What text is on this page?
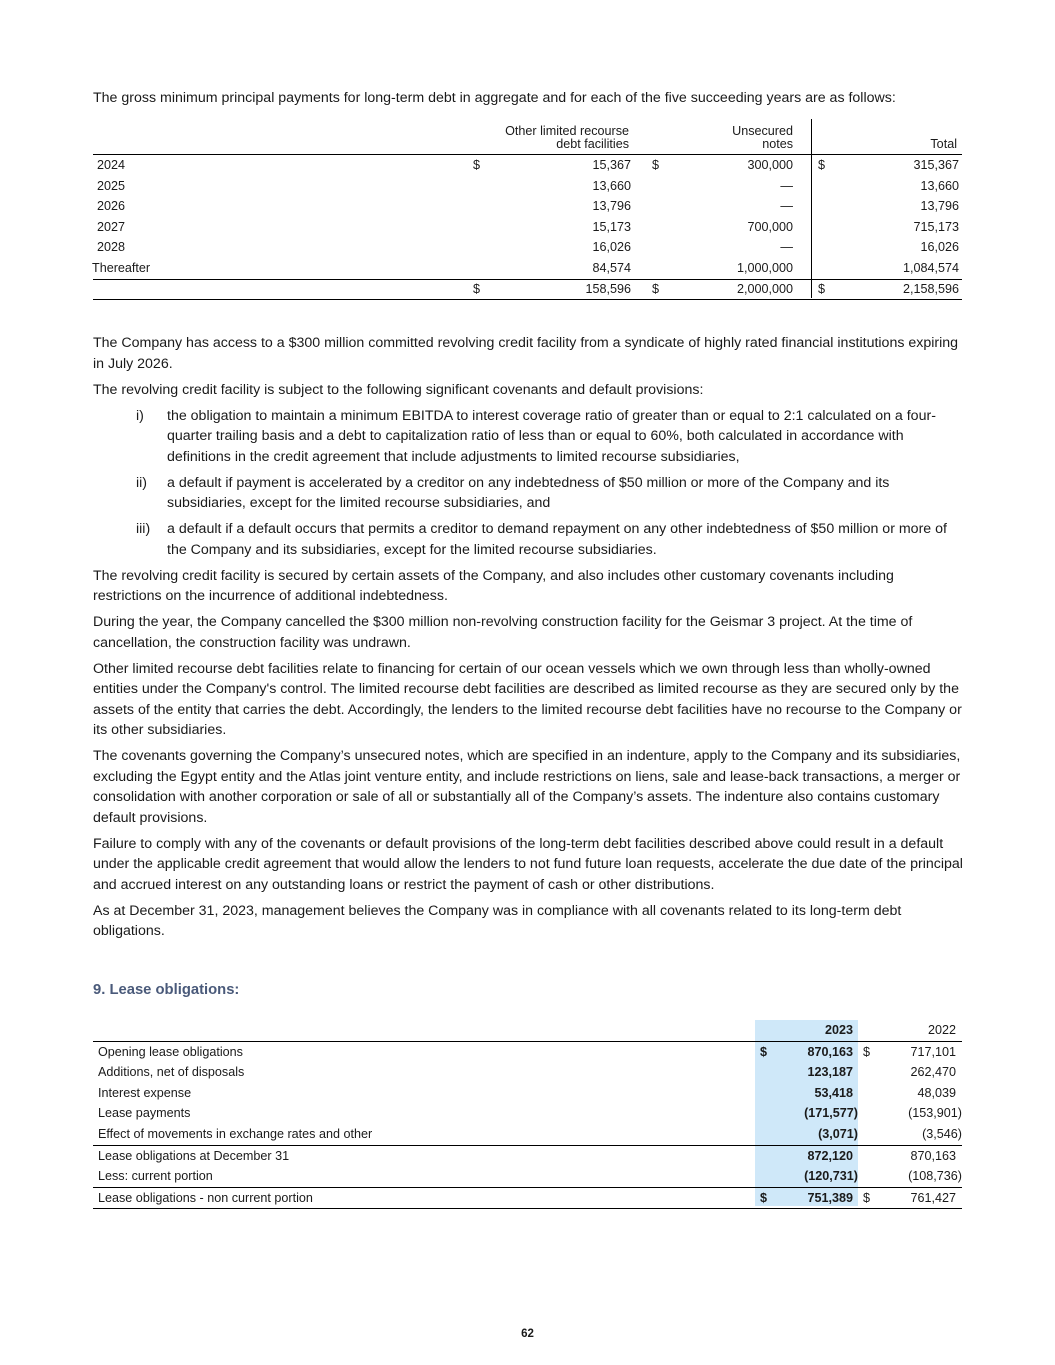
The gross minimum principal payments for long-term debt in aggregate and for each of the five succeeding years are as follows:

Other limited recourse
debt facilities
Unsecured
notes	Total
2024	$	15,367 $	300,000 $	315,367
2025	13,660	—	13,660
2026	13,796	—	13,796
2027	15,173	700,000	715,173
2028	16,026	—	16,026
Thereafter	84,574	1,000,000	1,084,574
$	158,596 $	2,000,000 $	2,158,596

The Company has access to a $300 million committed revolving credit facility from a syndicate of highly rated financial institutions expiring in July 2026.

The revolving credit facility is subject to the following significant covenants and default provisions:

i) the obligation to maintain a minimum EBITDA to interest coverage ratio of greater than or equal to 2:1 calculated on a four-quarter trailing basis and a debt to capitalization ratio of less than or equal to 60%, both calculated in accordance with definitions in the credit agreement that include adjustments to limited recourse subsidiaries,
ii) a default if payment is accelerated by a creditor on any indebtedness of $50 million or more of the Company and its subsidiaries, except for the limited recourse subsidiaries, and
iii) a default if a default occurs that permits a creditor to demand repayment on any other indebtedness of $50 million or more of the Company and its subsidiaries, except for the limited recourse subsidiaries.

The revolving credit facility is secured by certain assets of the Company, and also includes other customary covenants including restrictions on the incurrence of additional indebtedness.

During the year, the Company cancelled the $300 million non-revolving construction facility for the Geismar 3 project. At the time of cancellation, the construction facility was undrawn.

Other limited recourse debt facilities relate to financing for certain of our ocean vessels which we own through less than wholly-owned entities under the Company's control. The limited recourse debt facilities are described as limited recourse as they are secured only by the assets of the entity that carries the debt. Accordingly, the lenders to the limited recourse debt facilities have no recourse to the Company or its other subsidiaries.

The covenants governing the Company’s unsecured notes, which are specified in an indenture, apply to the Company and its subsidiaries, excluding the Egypt entity and the Atlas joint venture entity, and include restrictions on liens, sale and lease-back transactions, a merger or consolidation with another corporation or sale of all or substantially all of the Company’s assets. The indenture also contains customary default provisions.

Failure to comply with any of the covenants or default provisions of the long-term debt facilities described above could result in a default under the applicable credit agreement that would allow the lenders to not fund future loan requests, accelerate the due date of the principal and accrued interest on any outstanding loans or restrict the payment of cash or other distributions.

As at December 31, 2023, management believes the Company was in compliance with all covenants related to its long-term debt obligations.

9. Lease obligations:
2023	2022
Opening lease obligations	$	870,163 $	717,101
Additions, net of disposals	123,187	262,470
Interest expense	53,418	48,039
Lease payments	(171,577)	(153,901)
Effect of movements in exchange rates and other	(3,071)	(3,546)
Lease obligations at December 31	872,120	870,163
Less: current portion	(120,731)	(108,736)
Lease obligations - non current portion	$	751,389 $	761,427

62
